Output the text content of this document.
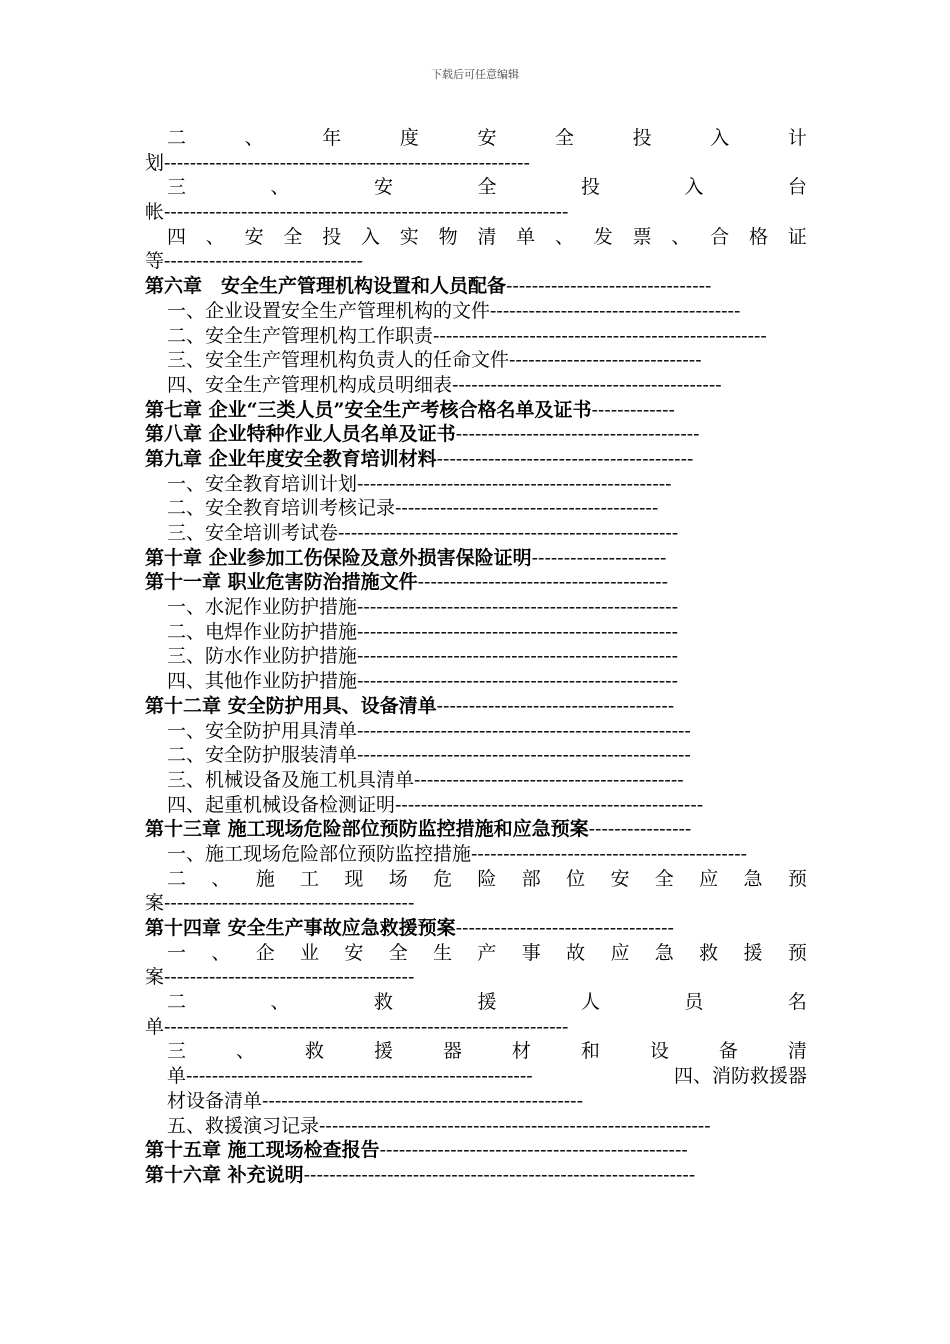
下载后可任意编辑
二	、	年	度	安	全	投	入	计
划---------------------------------------------------------
三	、	安	全	投	入	台
帐---------------------------------------------------------------
四 、 安 全 投 入 实 物 清 单 、 发 票 、 合 格 证
等-------------------------------
第六章　安全生产管理机构设置和人员配备--------------------------------
一、企业设置安全生产管理机构的文件---------------------------------------
二、安全生产管理机构工作职责----------------------------------------------------
三、安全生产管理机构负责人的任命文件------------------------------
四、安全生产管理机构成员明细表------------------------------------------
第七章 企业“三类人员”安全生产考核合格名单及证书-------------
第八章 企业特种作业人员名单及证书--------------------------------------
第九章 企业年度安全教育培训材料----------------------------------------
一、安全教育培训计划-------------------------------------------------
二、安全教育培训考核记录-----------------------------------------
三、安全培训考试卷-----------------------------------------------------
第十章 企业参加工伤保险及意外损害保险证明---------------------
第十一章 职业危害防治措施文件---------------------------------------
一、水泥作业防护措施--------------------------------------------------
二、电焊作业防护措施--------------------------------------------------
三、防水作业防护措施--------------------------------------------------
四、其他作业防护措施--------------------------------------------------
第十二章 安全防护用具、设备清单-------------------------------------
一、安全防护用具清单----------------------------------------------------
二、安全防护服装清单----------------------------------------------------
三、机械设备及施工机具清单------------------------------------------
四、起重机械设备检测证明------------------------------------------------
第十三章 施工现场危险部位预防监控措施和应急预案----------------
一、施工现场危险部位预防监控措施-------------------------------------------
二 、 施 工 现 场 危 险 部 位 安 全 应 急 预
案---------------------------------------
第十四章 安全生产事故应急救援预案----------------------------------
一 、 企 业 安 全 生 产 事 故 应 急 救 援 预
案---------------------------------------
二	、	救	援	人	员	名
单---------------------------------------------------------------
三	、	救	援	器	材	和	设	备	清
单------------------------------------------------------	四、消防救援器
材设备清单--------------------------------------------------
五、救援演习记录-------------------------------------------------------------
第十五章 施工现场检查报告------------------------------------------------
第十六章 补充说明-------------------------------------------------------------
